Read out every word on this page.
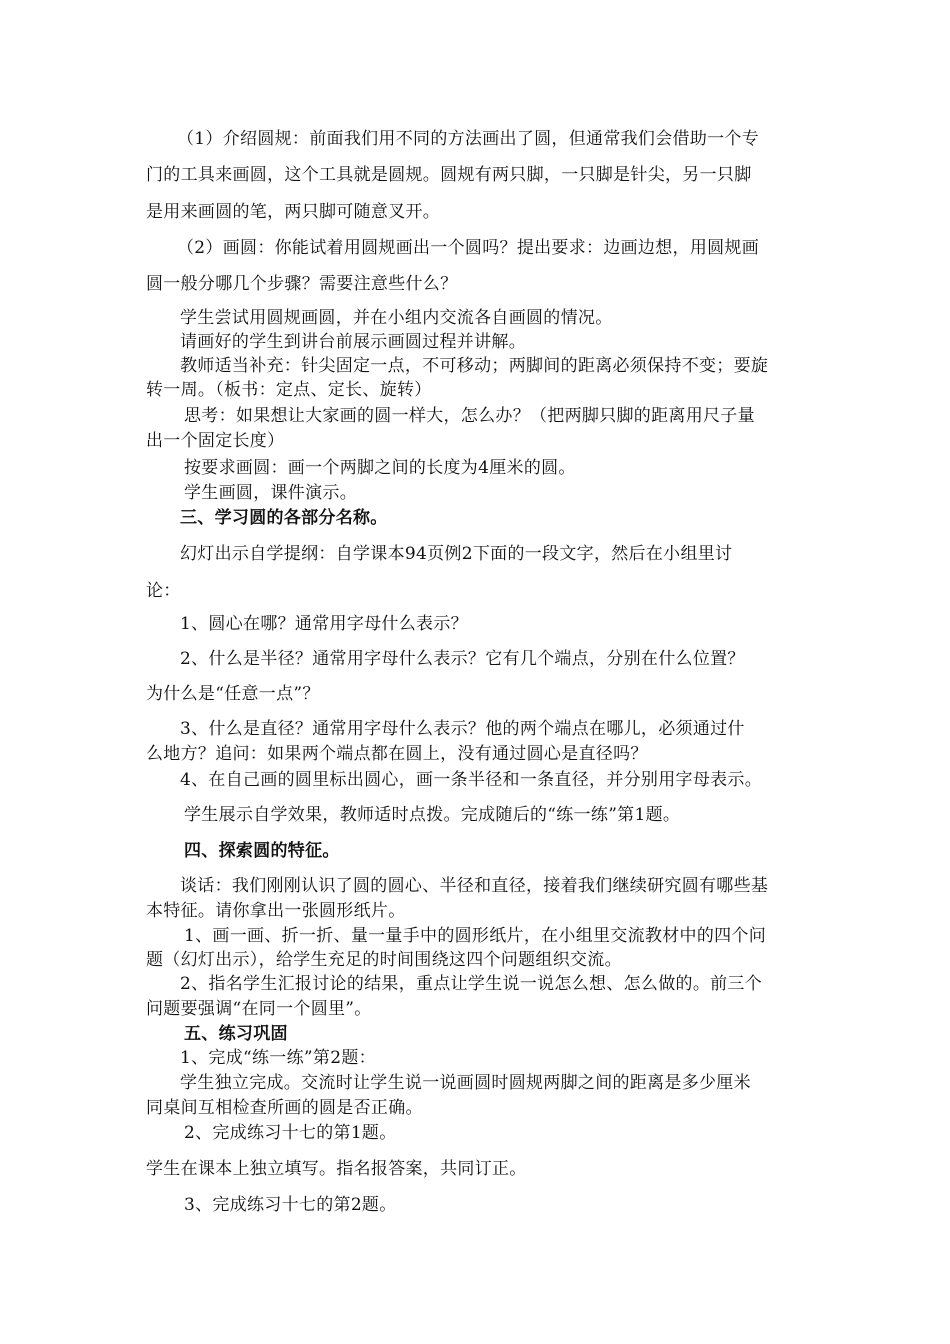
（1）介绍圆规：前面我们用不同的方法画出了圆，但通常我们会借助一个专
门的工具来画圆，这个工具就是圆规。圆规有两只脚，一只脚是针尖，另一只脚
是用来画圆的笔，两只脚可随意叉开。
（2）画圆：你能试着用圆规画出一个圆吗？提出要求：边画边想，用圆规画
圆一般分哪几个步骤？需要注意些什么？
学生尝试用圆规画圆，并在小组内交流各自画圆的情况。
请画好的学生到讲台前展示画圆过程并讲解。
教师适当补充：针尖固定一点，不可移动；两脚间的距离必须保持不变；要旋
转一周。（板书：定点、定长、旋转）
思考：如果想让大家画的圆一样大，怎么办？（把两脚只脚的距离用尺子量
出一个固定长度）
按要求画圆：画一个两脚之间的长度为4厘米的圆。
学生画圆，课件演示。
三、学习圆的各部分名称。
幻灯出示自学提纲：自学课本94页例2下面的一段文字，然后在小组里讨
论：
1、圆心在哪？通常用字母什么表示？
2、什么是半径？通常用字母什么表示？它有几个端点，分别在什么位置？
为什么是“任意一点”？
3、什么是直径？通常用字母什么表示？他的两个端点在哪儿，必须通过什
么地方？追问：如果两个端点都在圆上，没有通过圆心是直径吗？
4、在自己画的圆里标出圆心，画一条半径和一条直径，并分别用字母表示。
学生展示自学效果，教师适时点拨。完成随后的“练一练”第1题。
四、探索圆的特征。
谈话：我们刚刚认识了圆的圆心、半径和直径，接着我们继续研究圆有哪些基
本特征。请你拿出一张圆形纸片。
1、画一画、折一折、量一量手中的圆形纸片，在小组里交流教材中的四个问
题（幻灯出示），给学生充足的时间围绕这四个问题组织交流。
2、指名学生汇报讨论的结果，重点让学生说一说怎么想、怎么做的。前三个
问题要强调“在同一个圆里”。
五、练习巩固
1、完成“练一练”第2题：
学生独立完成。交流时让学生说一说画圆时圆规两脚之间的距离是多少厘米
同桌间互相检查所画的圆是否正确。
2、完成练习十七的第1题。
学生在课本上独立填写。指名报答案，共同订正。
3、完成练习十七的第2题。
